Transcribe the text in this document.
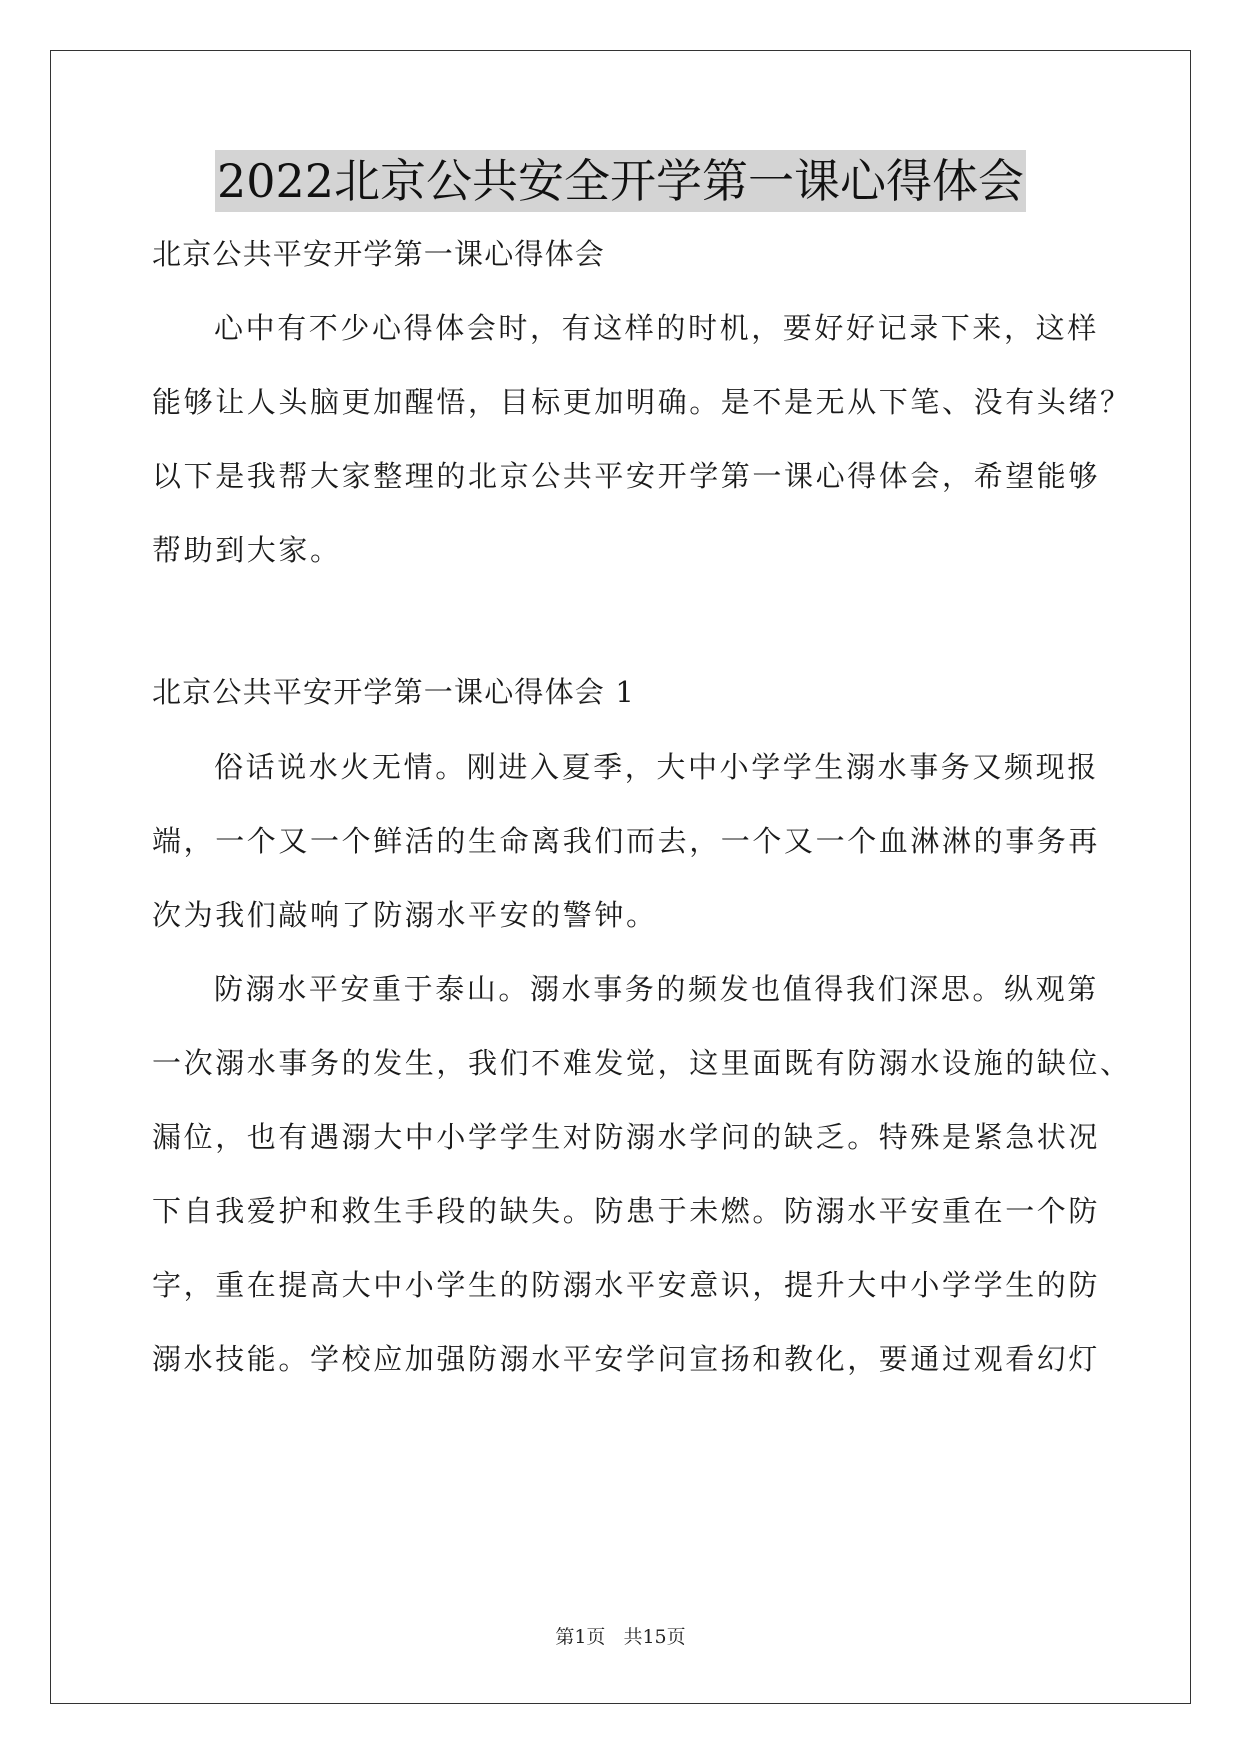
2022北京公共安全开学第一课心得体会
北京公共平安开学第一课心得体会
心中有不少心得体会时，有这样的时机，要好好记录下来，这样
能够让人头脑更加醒悟，目标更加明确。是不是无从下笔、没有头绪？
以下是我帮大家整理的北京公共平安开学第一课心得体会，希望能够
帮助到大家。
北京公共平安开学第一课心得体会 1
俗话说水火无情。刚进入夏季，大中小学学生溺水事务又频现报
端，一个又一个鲜活的生命离我们而去，一个又一个血淋淋的事务再
次为我们敲响了防溺水平安的警钟。
防溺水平安重于泰山。溺水事务的频发也值得我们深思。纵观第
一次溺水事务的发生，我们不难发觉，这里面既有防溺水设施的缺位、
漏位，也有遇溺大中小学学生对防溺水学问的缺乏。特殊是紧急状况
下自我爱护和救生手段的缺失。防患于未燃。防溺水平安重在一个防
字，重在提高大中小学生的防溺水平安意识，提升大中小学学生的防
溺水技能。学校应加强防溺水平安学问宣扬和教化，要通过观看幻灯
第1页 共15页
